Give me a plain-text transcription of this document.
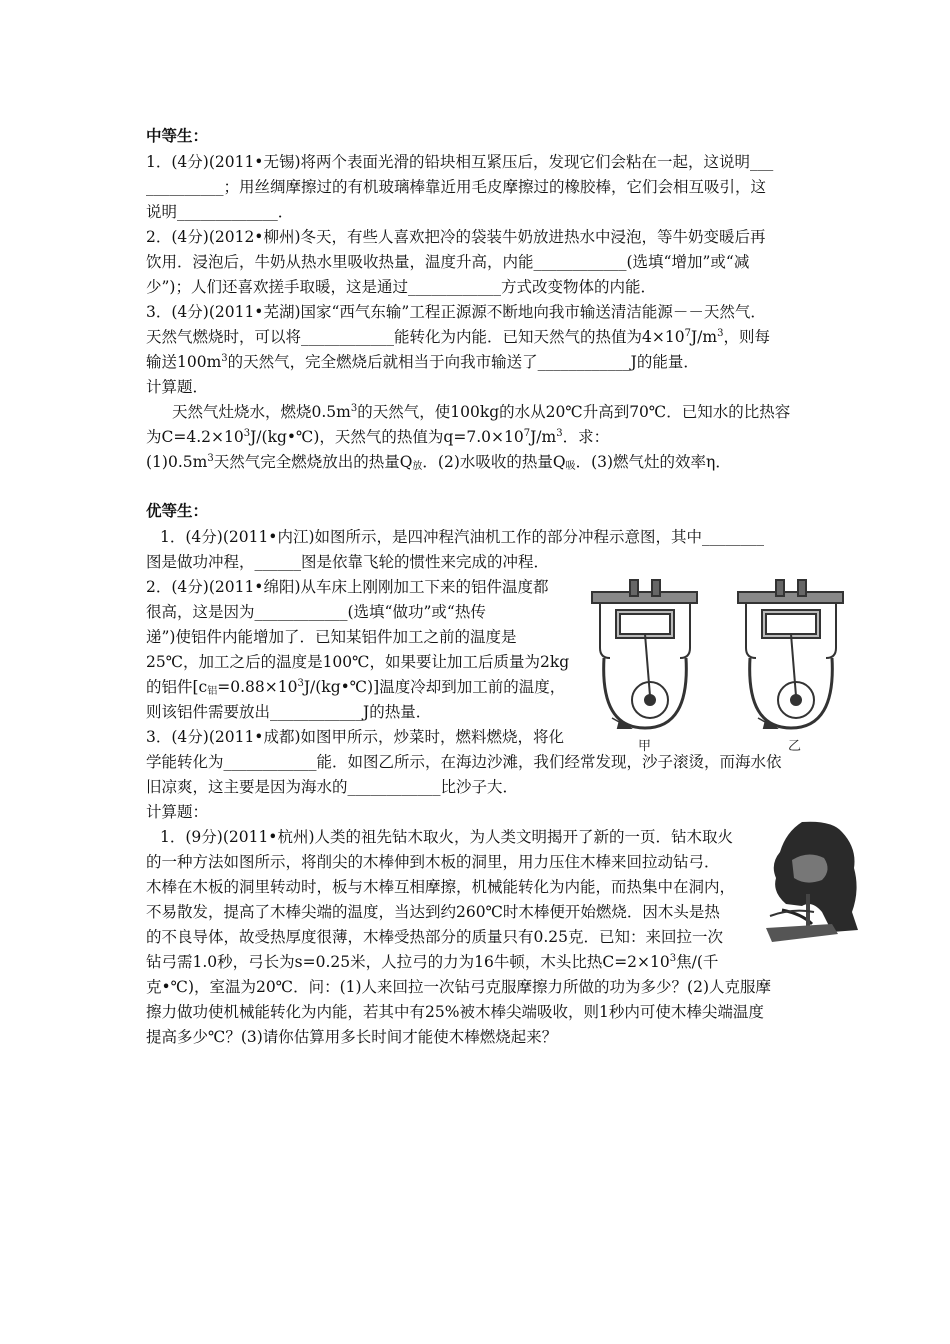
中等生：
1．(4分)(2011•无锡)将两个表面光滑的铅块相互紧压后，发现它们会粘在一起，这说明___
__________；用丝绸摩擦过的有机玻璃棒靠近用毛皮摩擦过的橡胶棒，它们会相互吸引，这
说明_____________．
2．(4分)(2012•柳州)冬天，有些人喜欢把冷的袋装牛奶放进热水中浸泡，等牛奶变暖后再
饮用．浸泡后，牛奶从热水里吸收热量，温度升高，内能____________(选填“增加”或“减
少”)；人们还喜欢搓手取暖，这是通过____________方式改变物体的内能．
3．(4分)(2011•芜湖)国家“西气东输”工程正源源不断地向我市输送清洁能源－－天然气．
天然气燃烧时，可以将____________能转化为内能．已知天然气的热值为$4\times 10^7J/m^3$，则每
输送$100m^3$的天然气，完全燃烧后就相当于向我市输送了____________J的能量．
计算题．
天然气灶烧水，燃烧$0.5m^3$的天然气，使100kg的水从20℃升高到70℃．已知水的比热容
为$C=4.2\times 10^3J/(kg•℃)$，天然气的热值为$q=7.0\times 10^7J/m^3$．求：
$(1)0.5m^3$天然气完全燃烧放出的热量$Q_放$．(2)水吸收的热量$Q_吸$．(3)燃气灶的效率η．
优等生：
1．(4分)(2011•内江)如图所示，是四冲程汽油机工作的部分冲程示意图，其中________
图是做功冲程，______图是依靠飞轮的惯性来完成的冲程．
2．(4分)(2011•绵阳)从车床上刚刚加工下来的铝件温度都
很高，这是因为____________(选填“做功”或“热传
递”)使铝件内能增加了．已知某铝件加工之前的温度是
25℃，加工之后的温度是100℃，如果要让加工后质量为2kg
的铝件$[c_铝=0.88\times 10^3J/(kg•℃)]$温度冷却到加工前的温度，
则该铝件需要放出____________J的热量．
3．(4分)(2011•成都)如图甲所示，炒菜时，燃料燃烧，将化
学能转化为____________能．如图乙所示，在海边沙滩，我们经常发现，沙子滚烫，而海水依
旧凉爽，这主要是因为海水的____________比沙子大．
计算题：
1．(9分)(2011•杭州)人类的祖先钻木取火，为人类文明揭开了新的一页．钻木取火
的一种方法如图所示，将削尖的木棒伸到木板的洞里，用力压住木棒来回拉动钻弓．
木棒在木板的洞里转动时，板与木棒互相摩擦，机械能转化为内能，而热集中在洞内，
不易散发，提高了木棒尖端的温度，当达到约260℃时木棒便开始燃烧．因木头是热
的不良导体，故受热厚度很薄，木棒受热部分的质量只有0.25克．已知：来回拉一次
钻弓需1.0秒，弓长为s=0.25米，人拉弓的力为16牛顿，木头比热$C=2\times 10^3$焦/(千
克•℃)，室温为20℃．问：(1)人来回拉一次钻弓克服摩擦力所做的功为多少？(2)人克服摩
擦力做功使机械能转化为内能，若其中有25%被木棒尖端吸收，则1秒内可使木棒尖端温度
提高多少℃？(3)请你估算用多长时间才能使木棒燃烧起来？
甲	乙
